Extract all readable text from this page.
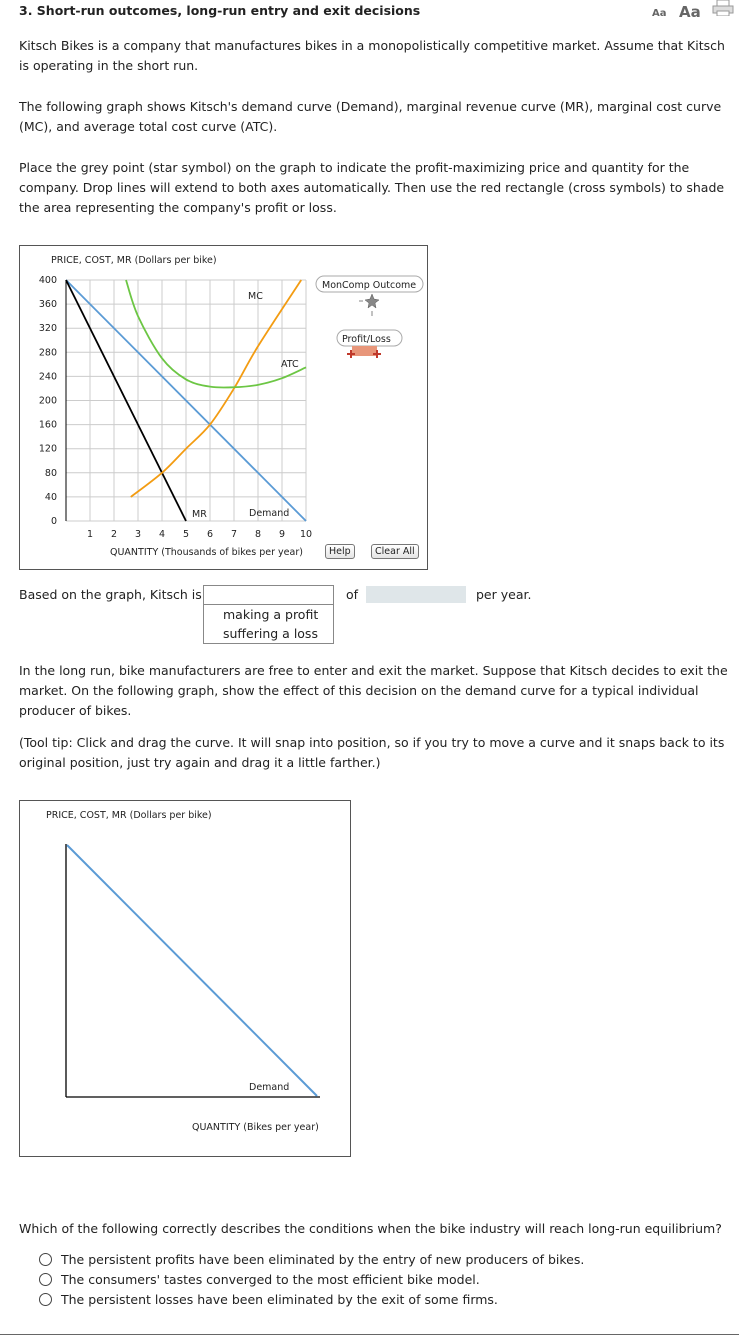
3. Short-run outcomes, long-run entry and exit decisions	Aa Aa

Kitsch Bikes is a company that manufactures bikes in a monopolistically competitive market. Assume that Kitsch is operating in the short run.

The following graph shows Kitsch's demand curve (Demand), marginal revenue curve (MR), marginal cost curve (MC), and average total cost curve (ATC).

Place the grey point (star symbol) on the graph to indicate the profit-maximizing price and quantity for the company. Drop lines will extend to both axes automatically. Then use the red rectangle (cross symbols) to shade the area representing the company's profit or loss.

PRICE, COST, MR (Dollars per bike)
400
360
320
280
240
200
160
120
80
40
0
1 2 3 4 5 6 7 8 9 10
MC
ATC
MR	Demand
QUANTITY (Thousands of bikes per year)
MonComp Outcome
Profit/Loss
Help	Clear All
Based on the graph, Kitsch is
making a profit
suffering a loss
of	per year.

In the long run, bike manufacturers are free to enter and exit the market. Suppose that Kitsch decides to exit the market. On the following graph, show the effect of this decision on the demand curve for a typical individual producer of bikes.

(Tool tip: Click and drag the curve. It will snap into position, so if you try to move a curve and it snaps back to its original position, just try again and drag it a little farther.)

PRICE, COST, MR (Dollars per bike)
Demand
QUANTITY (Bikes per year)
Which of the following correctly describes the conditions when the bike industry will reach long-run equilibrium?
The persistent profits have been eliminated by the entry of new producers of bikes.
The consumers' tastes converged to the most efficient bike model.
The persistent losses have been eliminated by the exit of some firms.
